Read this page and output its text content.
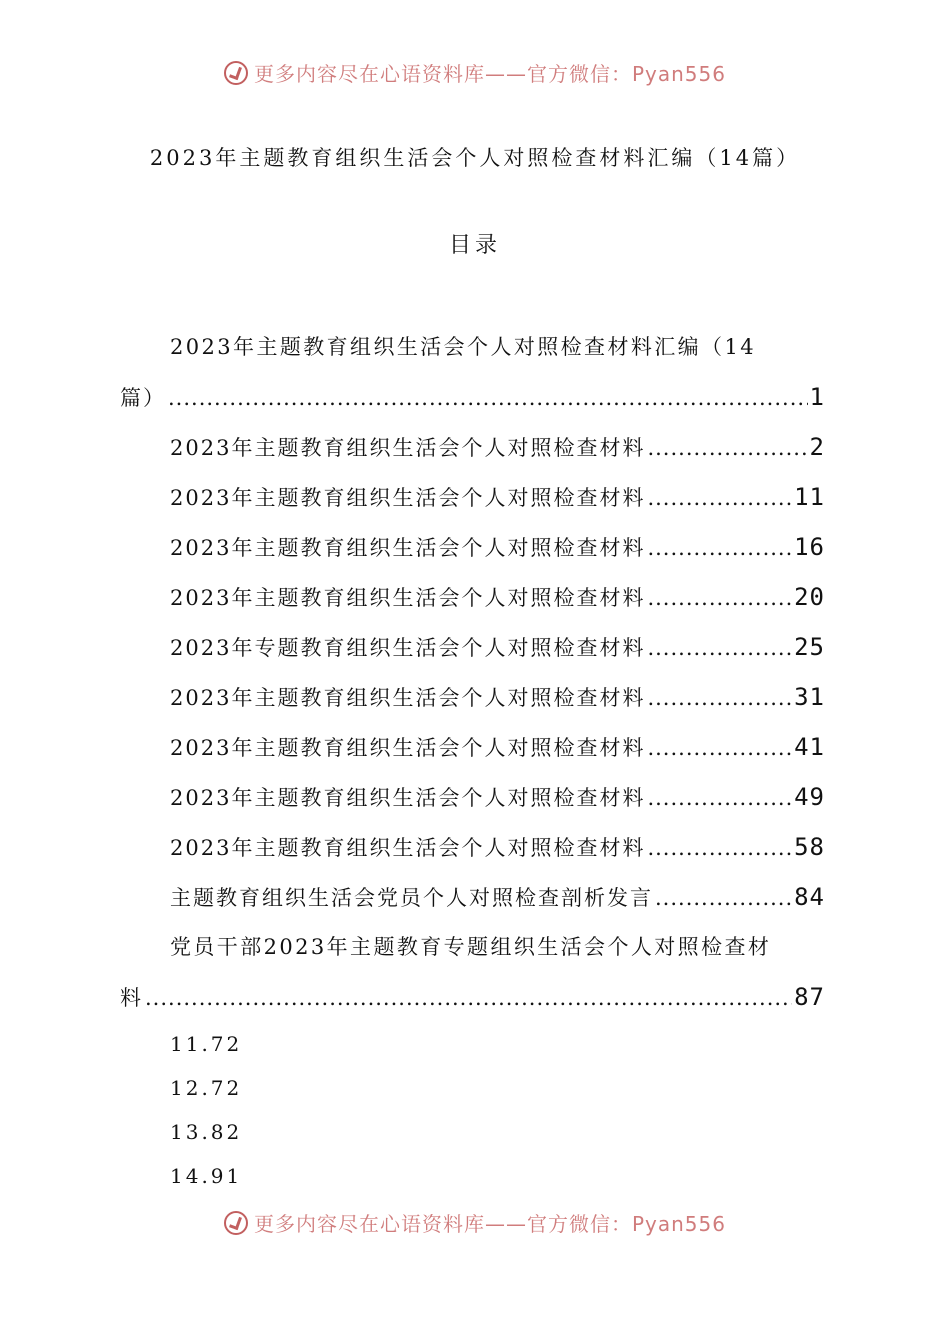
更多内容尽在心语资料库——官方微信：Pyan556
2023年主题教育组织生活会个人对照检查材料汇编（14篇）
目录
2023年主题教育组织生活会个人对照检查材料汇编（14
篇） .....	1
2023年主题教育组织生活会个人对照检查材料 .....	2
2023年主题教育组织生活会个人对照检查材料 .....	11
2023年主题教育组织生活会个人对照检查材料 .....	16
2023年主题教育组织生活会个人对照检查材料 .....	20
2023年专题教育组织生活会个人对照检查材料 .....	25
2023年主题教育组织生活会个人对照检查材料 .....	31
2023年主题教育组织生活会个人对照检查材料 .....	41
2023年主题教育组织生活会个人对照检查材料 .....	49
2023年主题教育组织生活会个人对照检查材料 .....	58
主题教育组织生活会党员个人对照检查剖析发言 .....	84
党员干部2023年主题教育专题组织生活会个人对照检查材
料 .....	87
11.72
12.72
13.82
14.91
更多内容尽在心语资料库——官方微信：Pyan556
